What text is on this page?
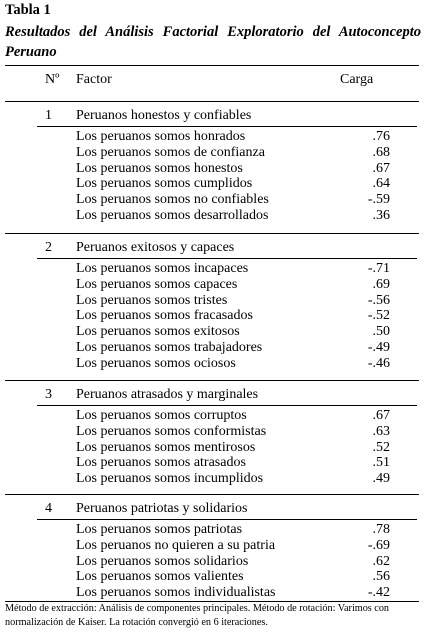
Tabla 1
Resultados del Análisis Factorial Exploratorio del Autoconcepto Peruano
Nº Factor	Carga
1 Peruanos honestos y confiables
Los peruanos somos honrados	.76
Los peruanos somos de confianza	.68
Los peruanos somos honestos	.67
Los peruanos somos cumplidos	.64
Los peruanos somos no confiables	-.59
Los peruanos somos desarrollados	.36
2 Peruanos exitosos y capaces
Los peruanos somos incapaces	-.71
Los peruanos somos capaces	.69
Los peruanos somos tristes	-.56
Los peruanos somos fracasados	-.52
Los peruanos somos exitosos	.50
Los peruanos somos trabajadores	-.49
Los peruanos somos ociosos	-.46
3 Peruanos atrasados y marginales
Los peruanos somos corruptos	.67
Los peruanos somos conformistas	.63
Los peruanos somos mentirosos	.52
Los peruanos somos atrasados	.51
Los peruanos somos incumplidos	.49
4 Peruanos patriotas y solidarios
Los peruanos somos patriotas	.78
Los peruanos no quieren a su patria	-.69
Los peruanos somos solidarios	.62
Los peruanos somos valientes	.56
Los peruanos somos individualistas	-.42
Método de extracción: Análisis de componentes principales. Método de rotación: Varimos con normalización de Kaiser. La rotación convergió en 6 iteraciones.
